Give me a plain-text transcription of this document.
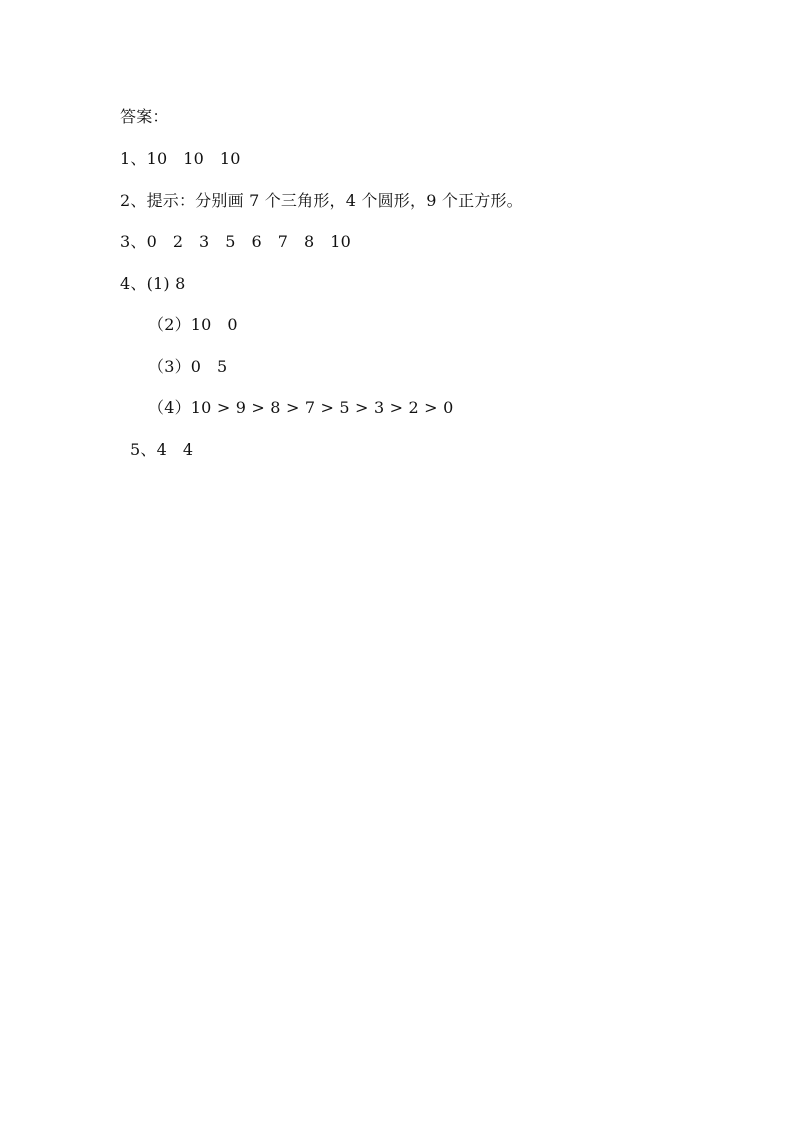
答案：
1、10   10   10
2、提示：分别画 7 个三角形，4 个圆形，9 个正方形。
3、0   2   3   5   6   7   8   10
4、(1) 8
（2）10   0
（3）0   5
（4）10 > 9 > 8 > 7 > 5 > 3 > 2 > 0
5、4   4
